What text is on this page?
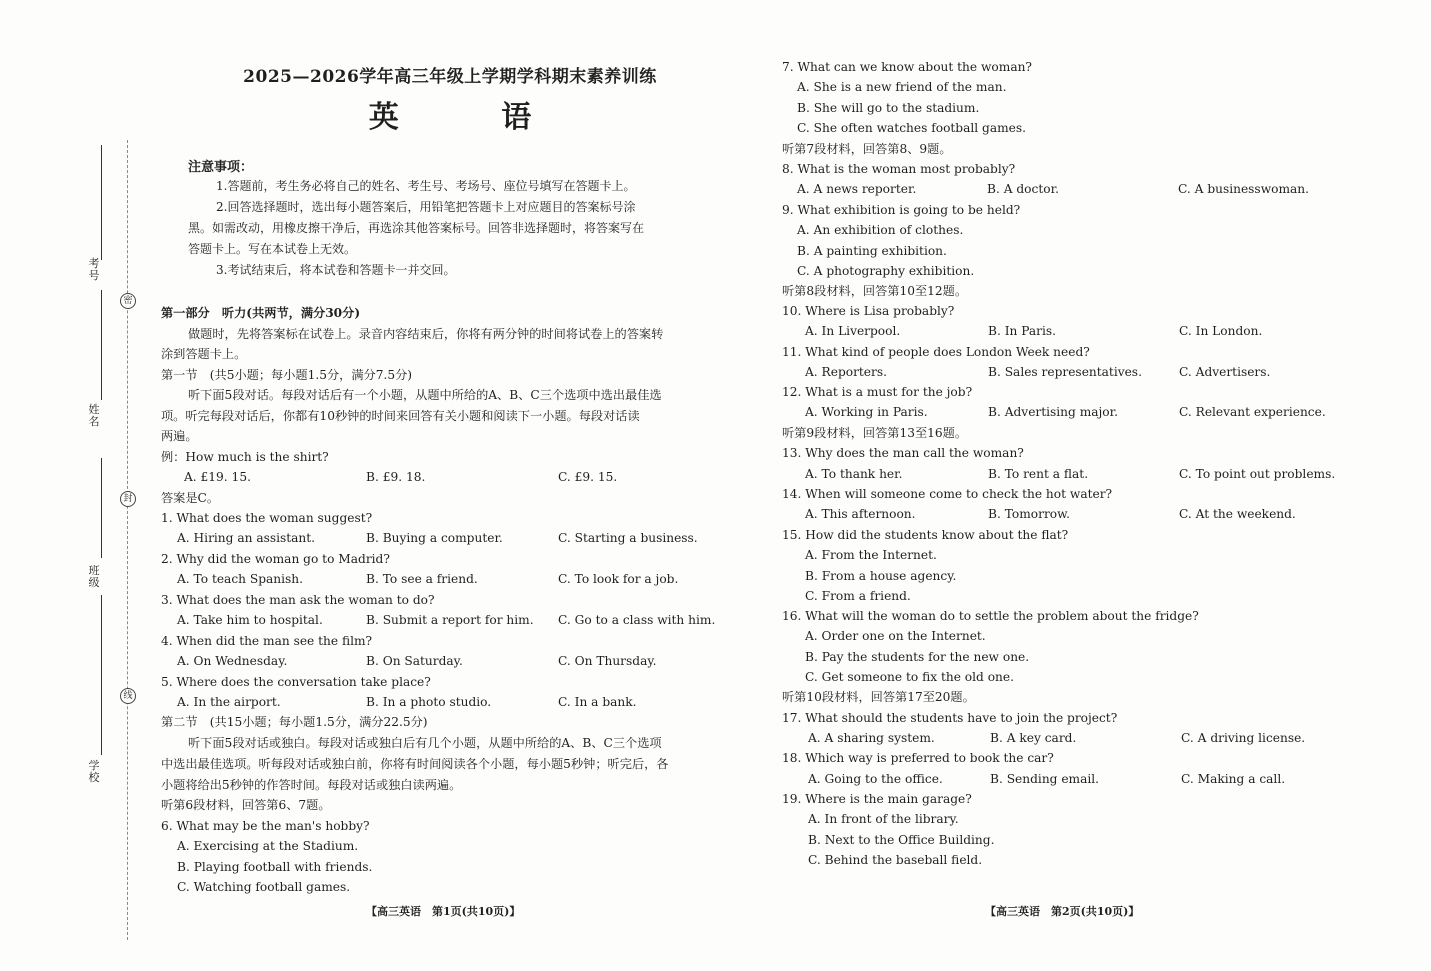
考号
姓名
班级
学校
密
封
线
2025—2026学年高三年级上学期学科期末素养训练
英 语
注意事项：
1.答题前，考生务必将自己的姓名、考生号、考场号、座位号填写在答题卡上。
2.回答选择题时，选出每小题答案后，用铅笔把答题卡上对应题目的答案标号涂
黑。如需改动，用橡皮擦干净后，再选涂其他答案标号。回答非选择题时，将答案写在
答题卡上。写在本试卷上无效。
3.考试结束后，将本试卷和答题卡一并交回。
第一部分　听力(共两节，满分30分)
做题时，先将答案标在试卷上。录音内容结束后，你将有两分钟的时间将试卷上的答案转
涂到答题卡上。
第一节　(共5小题；每小题1.5分，满分7.5分)
听下面5段对话。每段对话后有一个小题，从题中所给的A、B、C三个选项中选出最佳选
项。听完每段对话后，你都有10秒钟的时间来回答有关小题和阅读下一小题。每段对话读
两遍。
例：How much is the shirt?
A. £19. 15.	B. £9. 18.	C. £9. 15.
答案是C。
1. What does the woman suggest?
A. Hiring an assistant.	B. Buying a computer.	C. Starting a business.
2. Why did the woman go to Madrid?
A. To teach Spanish.	B. To see a friend.	C. To look for a job.
3. What does the man ask the woman to do?
A. Take him to hospital.	B. Submit a report for him. C. Go to a class with him.
4. When did the man see the film?
A. On Wednesday.	B. On Saturday.	C. On Thursday.
5. Where does the conversation take place?
A. In the airport.	B. In a photo studio.	C. In a bank.
第二节　(共15小题；每小题1.5分，满分22.5分)
听下面5段对话或独白。每段对话或独白后有几个小题，从题中所给的A、B、C三个选项
中选出最佳选项。听每段对话或独白前，你将有时间阅读各个小题，每小题5秒钟；听完后，各
小题将给出5秒钟的作答时间。每段对话或独白读两遍。
听第6段材料，回答第6、7题。
6. What may be the man's hobby?
A. Exercising at the Stadium.
B. Playing football with friends.
C. Watching football games.
【高三英语　第1页(共10页)】
7. What can we know about the woman?
A. She is a new friend of the man.
B. She will go to the stadium.
C. She often watches football games.
听第7段材料，回答第8、9题。
8. What is the woman most probably?
A. A news reporter.	B. A doctor.	C. A businesswoman.
9. What exhibition is going to be held?
A. An exhibition of clothes.
B. A painting exhibition.
C. A photography exhibition.
听第8段材料，回答第10至12题。
10. Where is Lisa probably?
A. In Liverpool.	B. In Paris.	C. In London.
11. What kind of people does London Week need?
A. Reporters.	B. Sales representatives.	C. Advertisers.
12. What is a must for the job?
A. Working in Paris.	B. Advertising major.	C. Relevant experience.
听第9段材料，回答第13至16题。
13. Why does the man call the woman?
A. To thank her.	B. To rent a flat.	C. To point out problems.
14. When will someone come to check the hot water?
A. This afternoon.	B. Tomorrow.	C. At the weekend.
15. How did the students know about the flat?
A. From the Internet.
B. From a house agency.
C. From a friend.
16. What will the woman do to settle the problem about the fridge?
A. Order one on the Internet.
B. Pay the students for the new one.
C. Get someone to fix the old one.
听第10段材料，回答第17至20题。
17. What should the students have to join the project?
A. A sharing system.	B. A key card.	C. A driving license.
18. Which way is preferred to book the car?
A. Going to the office.	B. Sending email.	C. Making a call.
19. Where is the main garage?
A. In front of the library.
B. Next to the Office Building.
C. Behind the baseball field.
【高三英语　第2页(共10页)】
